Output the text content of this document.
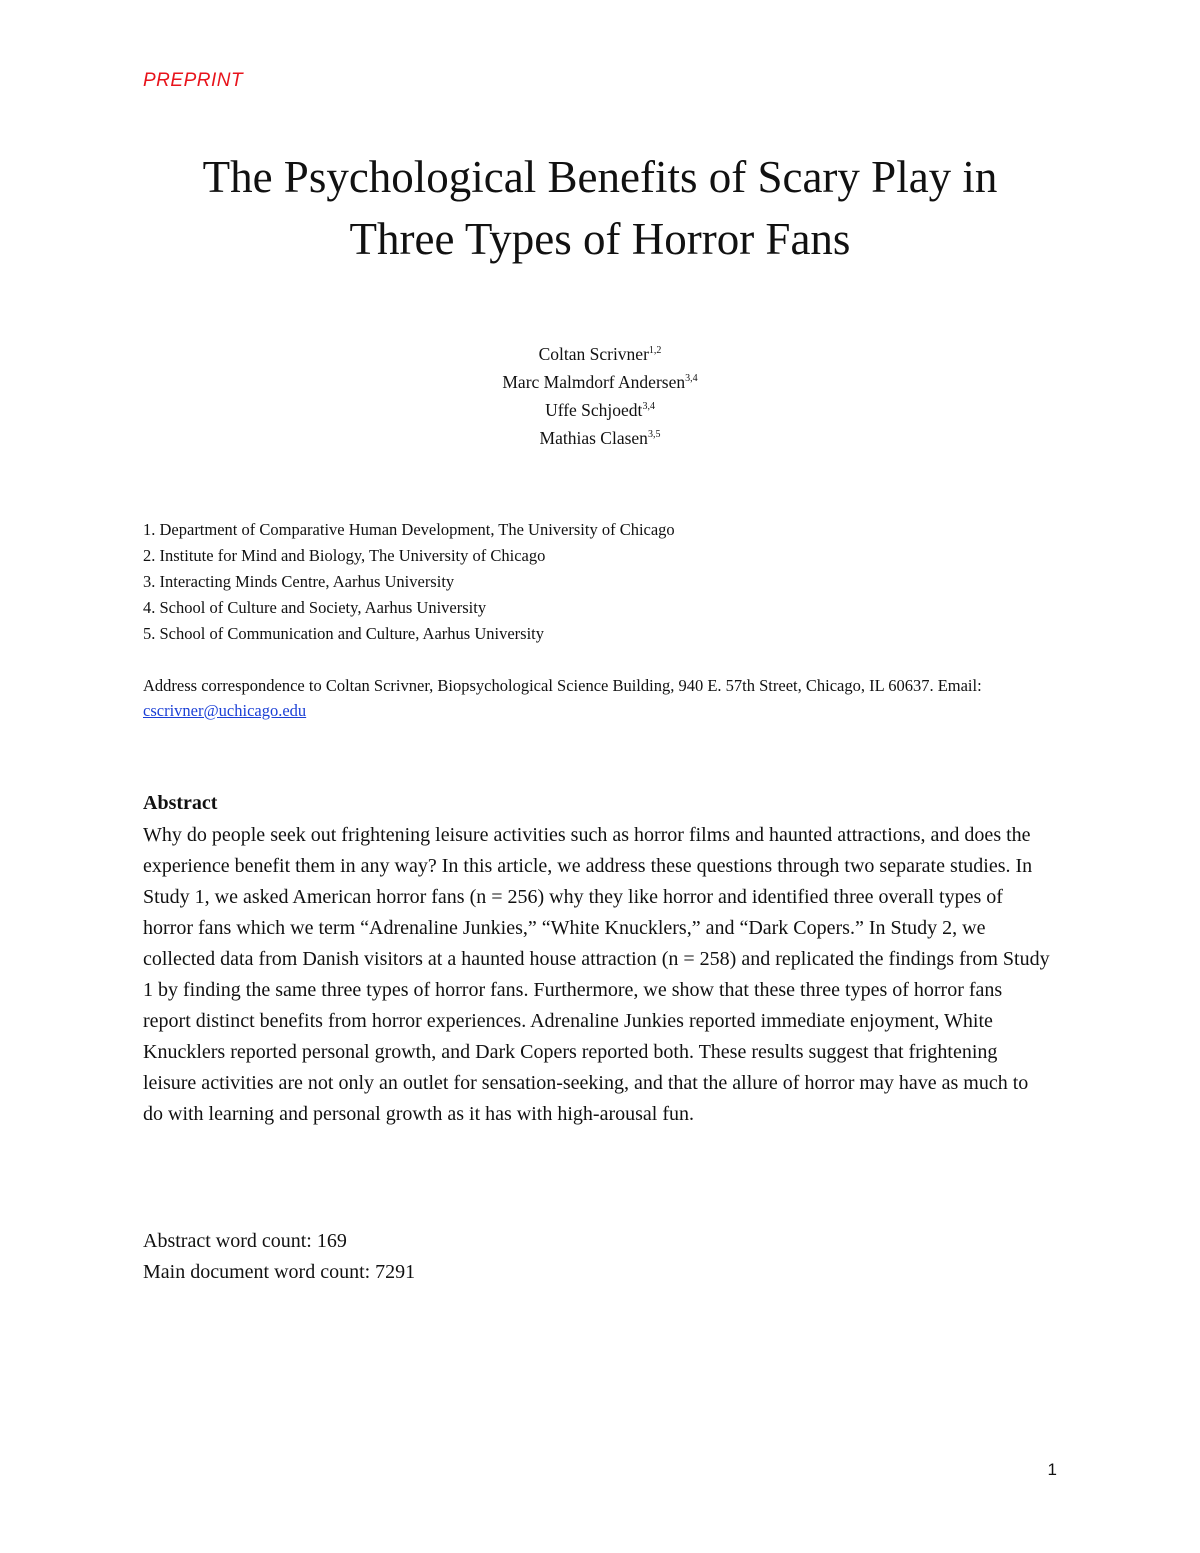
PREPRINT
The Psychological Benefits of Scary Play in
Three Types of Horror Fans
Coltan Scrivner$^{1,2}$
Marc Malmdorf Andersen$^{3,4}$
Uffe Schjoedt$^{3,4}$
Mathias Clasen$^{3,5}$
1. Department of Comparative Human Development, The University of Chicago
2. Institute for Mind and Biology, The University of Chicago
3. Interacting Minds Centre, Aarhus University
4. School of Culture and Society, Aarhus University
5. School of Communication and Culture, Aarhus University
Address correspondence to Coltan Scrivner, Biopsychological Science Building, 940 E. 57th Street, Chicago, IL 60637. Email: cscrivner@uchicago.edu
Abstract

Why do people seek out frightening leisure activities such as horror films and haunted attractions, and does the experience benefit them in any way? In this article, we address these questions through two separate studies. In Study 1, we asked American horror fans (n = 256) why they like horror and identified three overall types of horror fans which we term “Adrenaline Junkies,” “White Knucklers,” and “Dark Copers.” In Study 2, we collected data from Danish visitors at a haunted house attraction (n = 258) and replicated the findings from Study 1 by finding the same three types of horror fans. Furthermore, we show that these three types of horror fans report distinct benefits from horror experiences. Adrenaline Junkies reported immediate enjoyment, White Knucklers reported personal growth, and Dark Copers reported both. These results suggest that frightening leisure activities are not only an outlet for sensation-seeking, and that the allure of horror may have as much to do with learning and personal growth as it has with high-arousal fun.

Abstract word count: 169
Main document word count: 7291
1
